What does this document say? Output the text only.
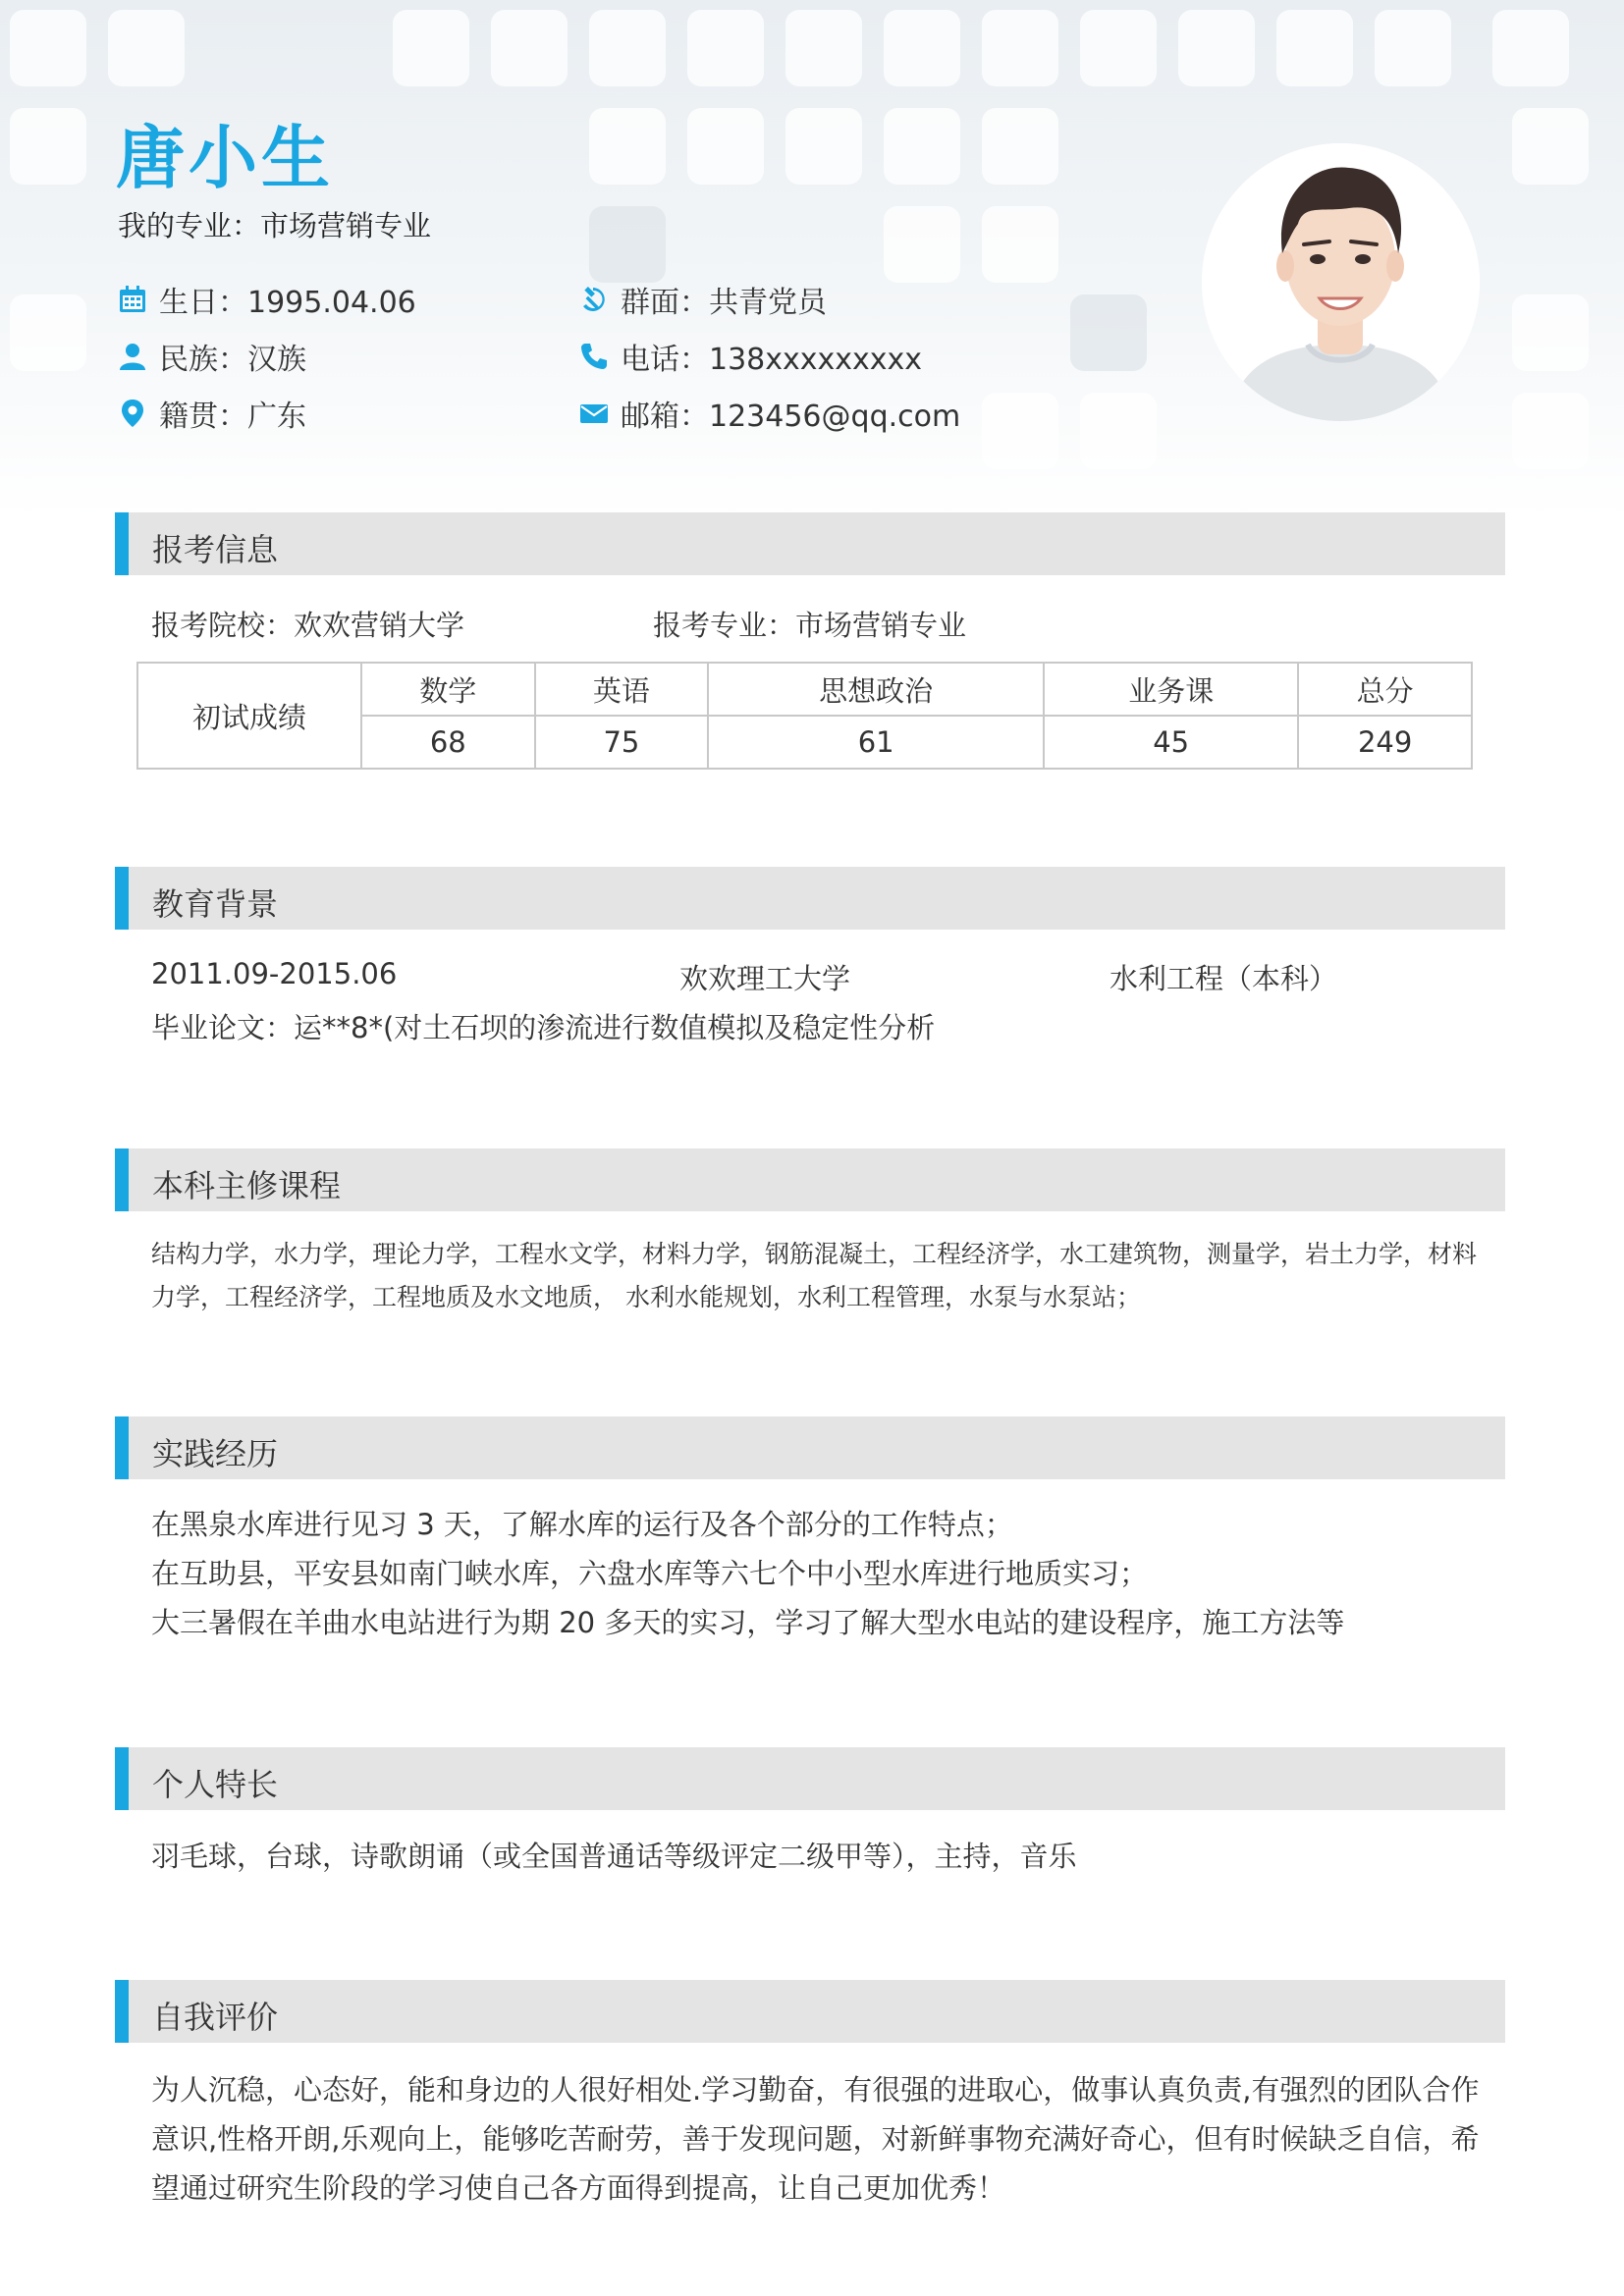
唐小生
我的专业：市场营销专业
生日：1995.04.06
民族：汉族
籍贯：广东
群面：共青党员
电话：138xxxxxxxxx
邮箱：123456@qq.com
报考信息
报考院校：欢欢营销大学	报考专业：市场营销专业
初试成绩	数学	英语	思想政治	业务课	总分
	68	75	61	45	249
教育背景
2011.09-2015.06	欢欢理工大学	水利工程（本科）
毕业论文：运**8*(对土石坝的渗流进行数值模拟及稳定性分析
本科主修课程
结构力学，水力学，理论力学，工程水文学，材料力学，钢筋混凝土，工程经济学，水工建筑物，测量学，岩土力学，材料
力学，工程经济学，工程地质及水文地质， 水利水能规划，水利工程管理，水泵与水泵站；
实践经历
在黑泉水库进行见习 3 天，了解水库的运行及各个部分的工作特点；
在互助县，平安县如南门峡水库，六盘水库等六七个中小型水库进行地质实习；
大三暑假在羊曲水电站进行为期 20 多天的实习，学习了解大型水电站的建设程序，施工方法等
个人特长
羽毛球，台球，诗歌朗诵（或全国普通话等级评定二级甲等），主持，音乐
自我评价
为人沉稳，心态好，能和身边的人很好相处.学习勤奋，有很强的进取心，做事认真负责,有强烈的团队合作
意识,性格开朗,乐观向上，能够吃苦耐劳，善于发现问题，对新鲜事物充满好奇心，但有时候缺乏自信，希
望通过研究生阶段的学习使自己各方面得到提高，让自己更加优秀！
